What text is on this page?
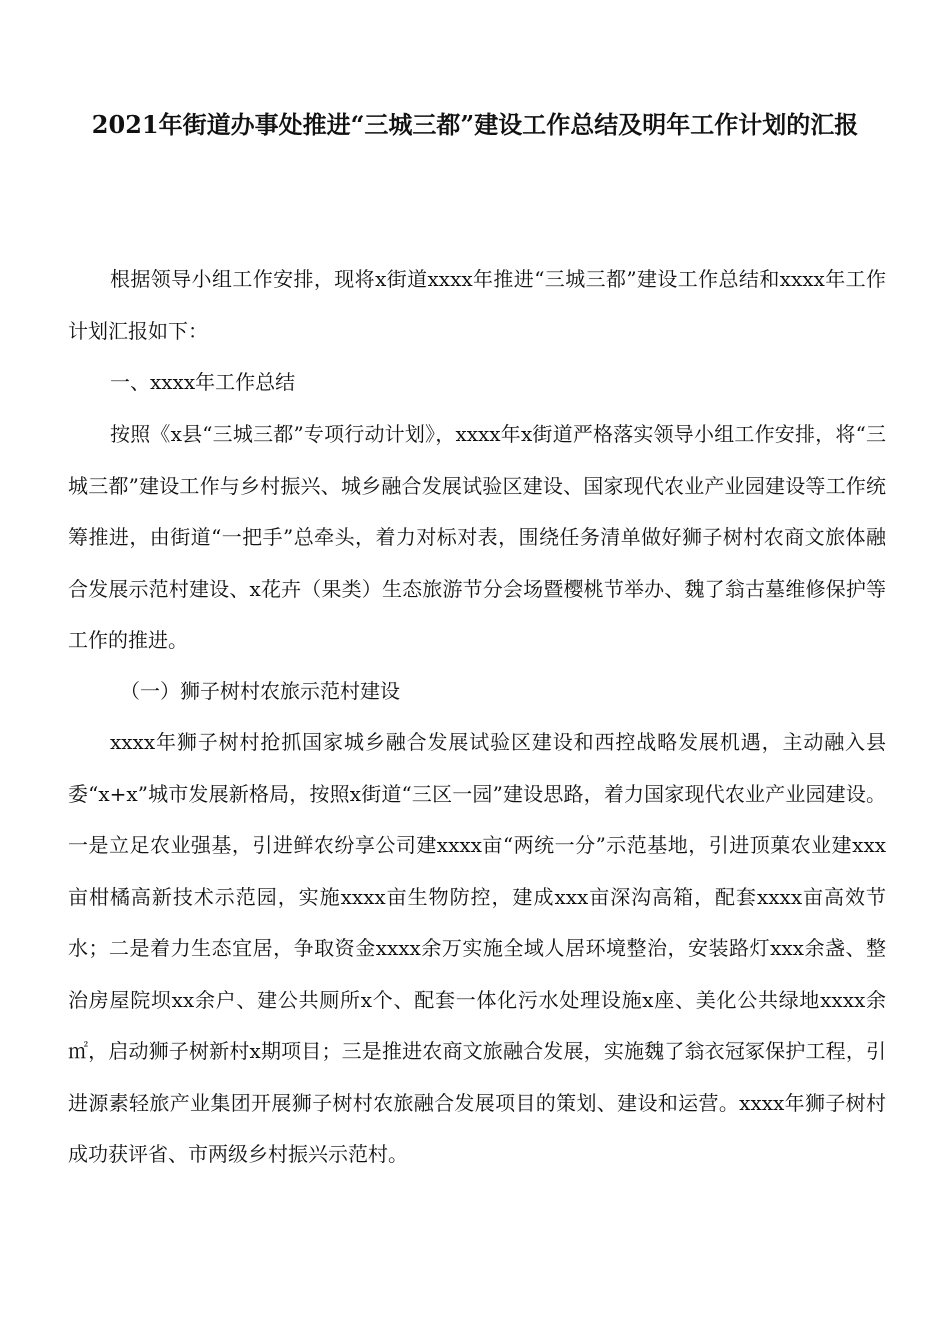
2021年街道办事处推进“三城三都”建设工作总结及明年工作计划的汇报

根据领导小组工作安排，现将x街道xxxx年推进“三城三都”建设工作总结和xxxx年工作计划汇报如下：

一、xxxx年工作总结

按照《x县“三城三都”专项行动计划》，xxxx年x街道严格落实领导小组工作安排，将“三城三都”建设工作与乡村振兴、城乡融合发展试验区建设、国家现代农业产业园建设等工作统筹推进，由街道“一把手”总牵头，着力对标对表，围绕任务清单做好狮子树村农商文旅体融合发展示范村建设、x花卉（果类）生态旅游节分会场暨樱桃节举办、魏了翁古墓维修保护等工作的推进。

（一）狮子树村农旅示范村建设

xxxx年狮子树村抢抓国家城乡融合发展试验区建设和西控战略发展机遇，主动融入县委“x+x”城市发展新格局，按照x街道“三区一园”建设思路，着力国家现代农业产业园建设。一是立足农业强基，引进鲜农纷享公司建xxxx亩“两统一分”示范基地，引进顶菓农业建xxx亩柑橘高新技术示范园，实施xxxx亩生物防控，建成xxx亩深沟高箱，配套xxxx亩高效节水；二是着力生态宜居，争取资金xxxx余万实施全域人居环境整治，安装路灯xxx余盏、整治房屋院坝xx余户、建公共厕所x个、配套一体化污水处理设施x座、美化公共绿地xxxx余㎡，启动狮子树新村x期项目；三是推进农商文旅融合发展，实施魏了翁衣冠冢保护工程，引进源素轻旅产业集团开展狮子树村农旅融合发展项目的策划、建设和运营。xxxx年狮子树村成功获评省、市两级乡村振兴示范村。
